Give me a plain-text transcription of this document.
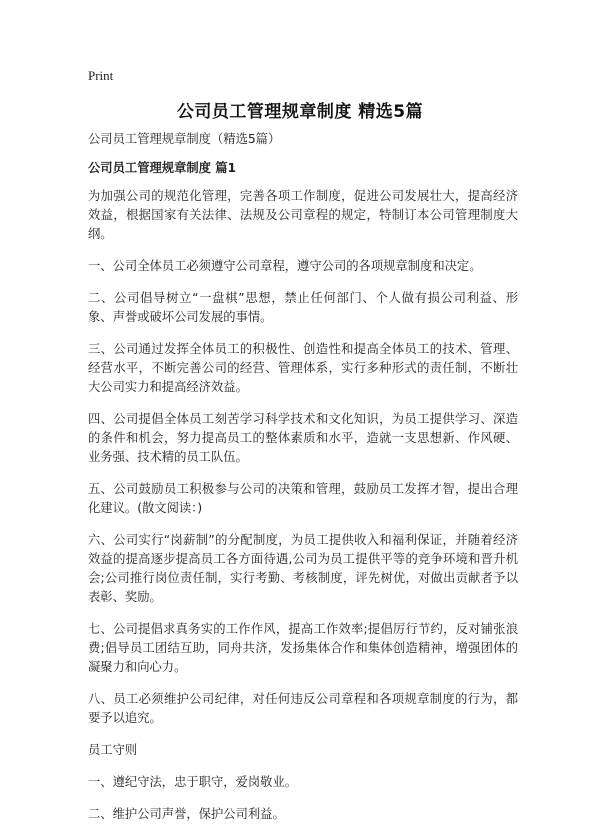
Print
公司员工管理规章制度 精选5篇

公司员工管理规章制度（精选5篇）

公司员工管理规章制度 篇1

为加强公司的规范化管理，完善各项工作制度，促进公司发展壮大，提高经济效益，根据国家有关法律、法规及公司章程的规定，特制订本公司管理制度大纲。

一、公司全体员工必须遵守公司章程，遵守公司的各项规章制度和决定。

二、公司倡导树立“一盘棋”思想，禁止任何部门、个人做有损公司利益、形象、声誉或破坏公司发展的事情。

三、公司通过发挥全体员工的积极性、创造性和提高全体员工的技术、管理、经营水平，不断完善公司的经营、管理体系，实行多种形式的责任制，不断壮大公司实力和提高经济效益。

四、公司提倡全体员工刻苦学习科学技术和文化知识，为员工提供学习、深造的条件和机会，努力提高员工的整体素质和水平，造就一支思想新、作风硬、业务强、技术精的员工队伍。

五、公司鼓励员工积极参与公司的决策和管理，鼓励员工发挥才智，提出合理化建议。(散文阅读：)

六、公司实行“岗薪制”的分配制度，为员工提供收入和福利保证，并随着经济效益的提高逐步提高员工各方面待遇,公司为员工提供平等的竞争环境和晋升机会;公司推行岗位责任制，实行考勤、考核制度，评先树优，对做出贡献者予以表彰、奖励。

七、公司提倡求真务实的工作作风，提高工作效率;提倡厉行节约，反对铺张浪费;倡导员工团结互助，同舟共济，发扬集体合作和集体创造精神，增强团体的凝聚力和向心力。

八、员工必须维护公司纪律，对任何违反公司章程和各项规章制度的行为，都要予以追究。

员工守则

一、遵纪守法，忠于职守，爱岗敬业。

二、维护公司声誉，保护公司利益。
